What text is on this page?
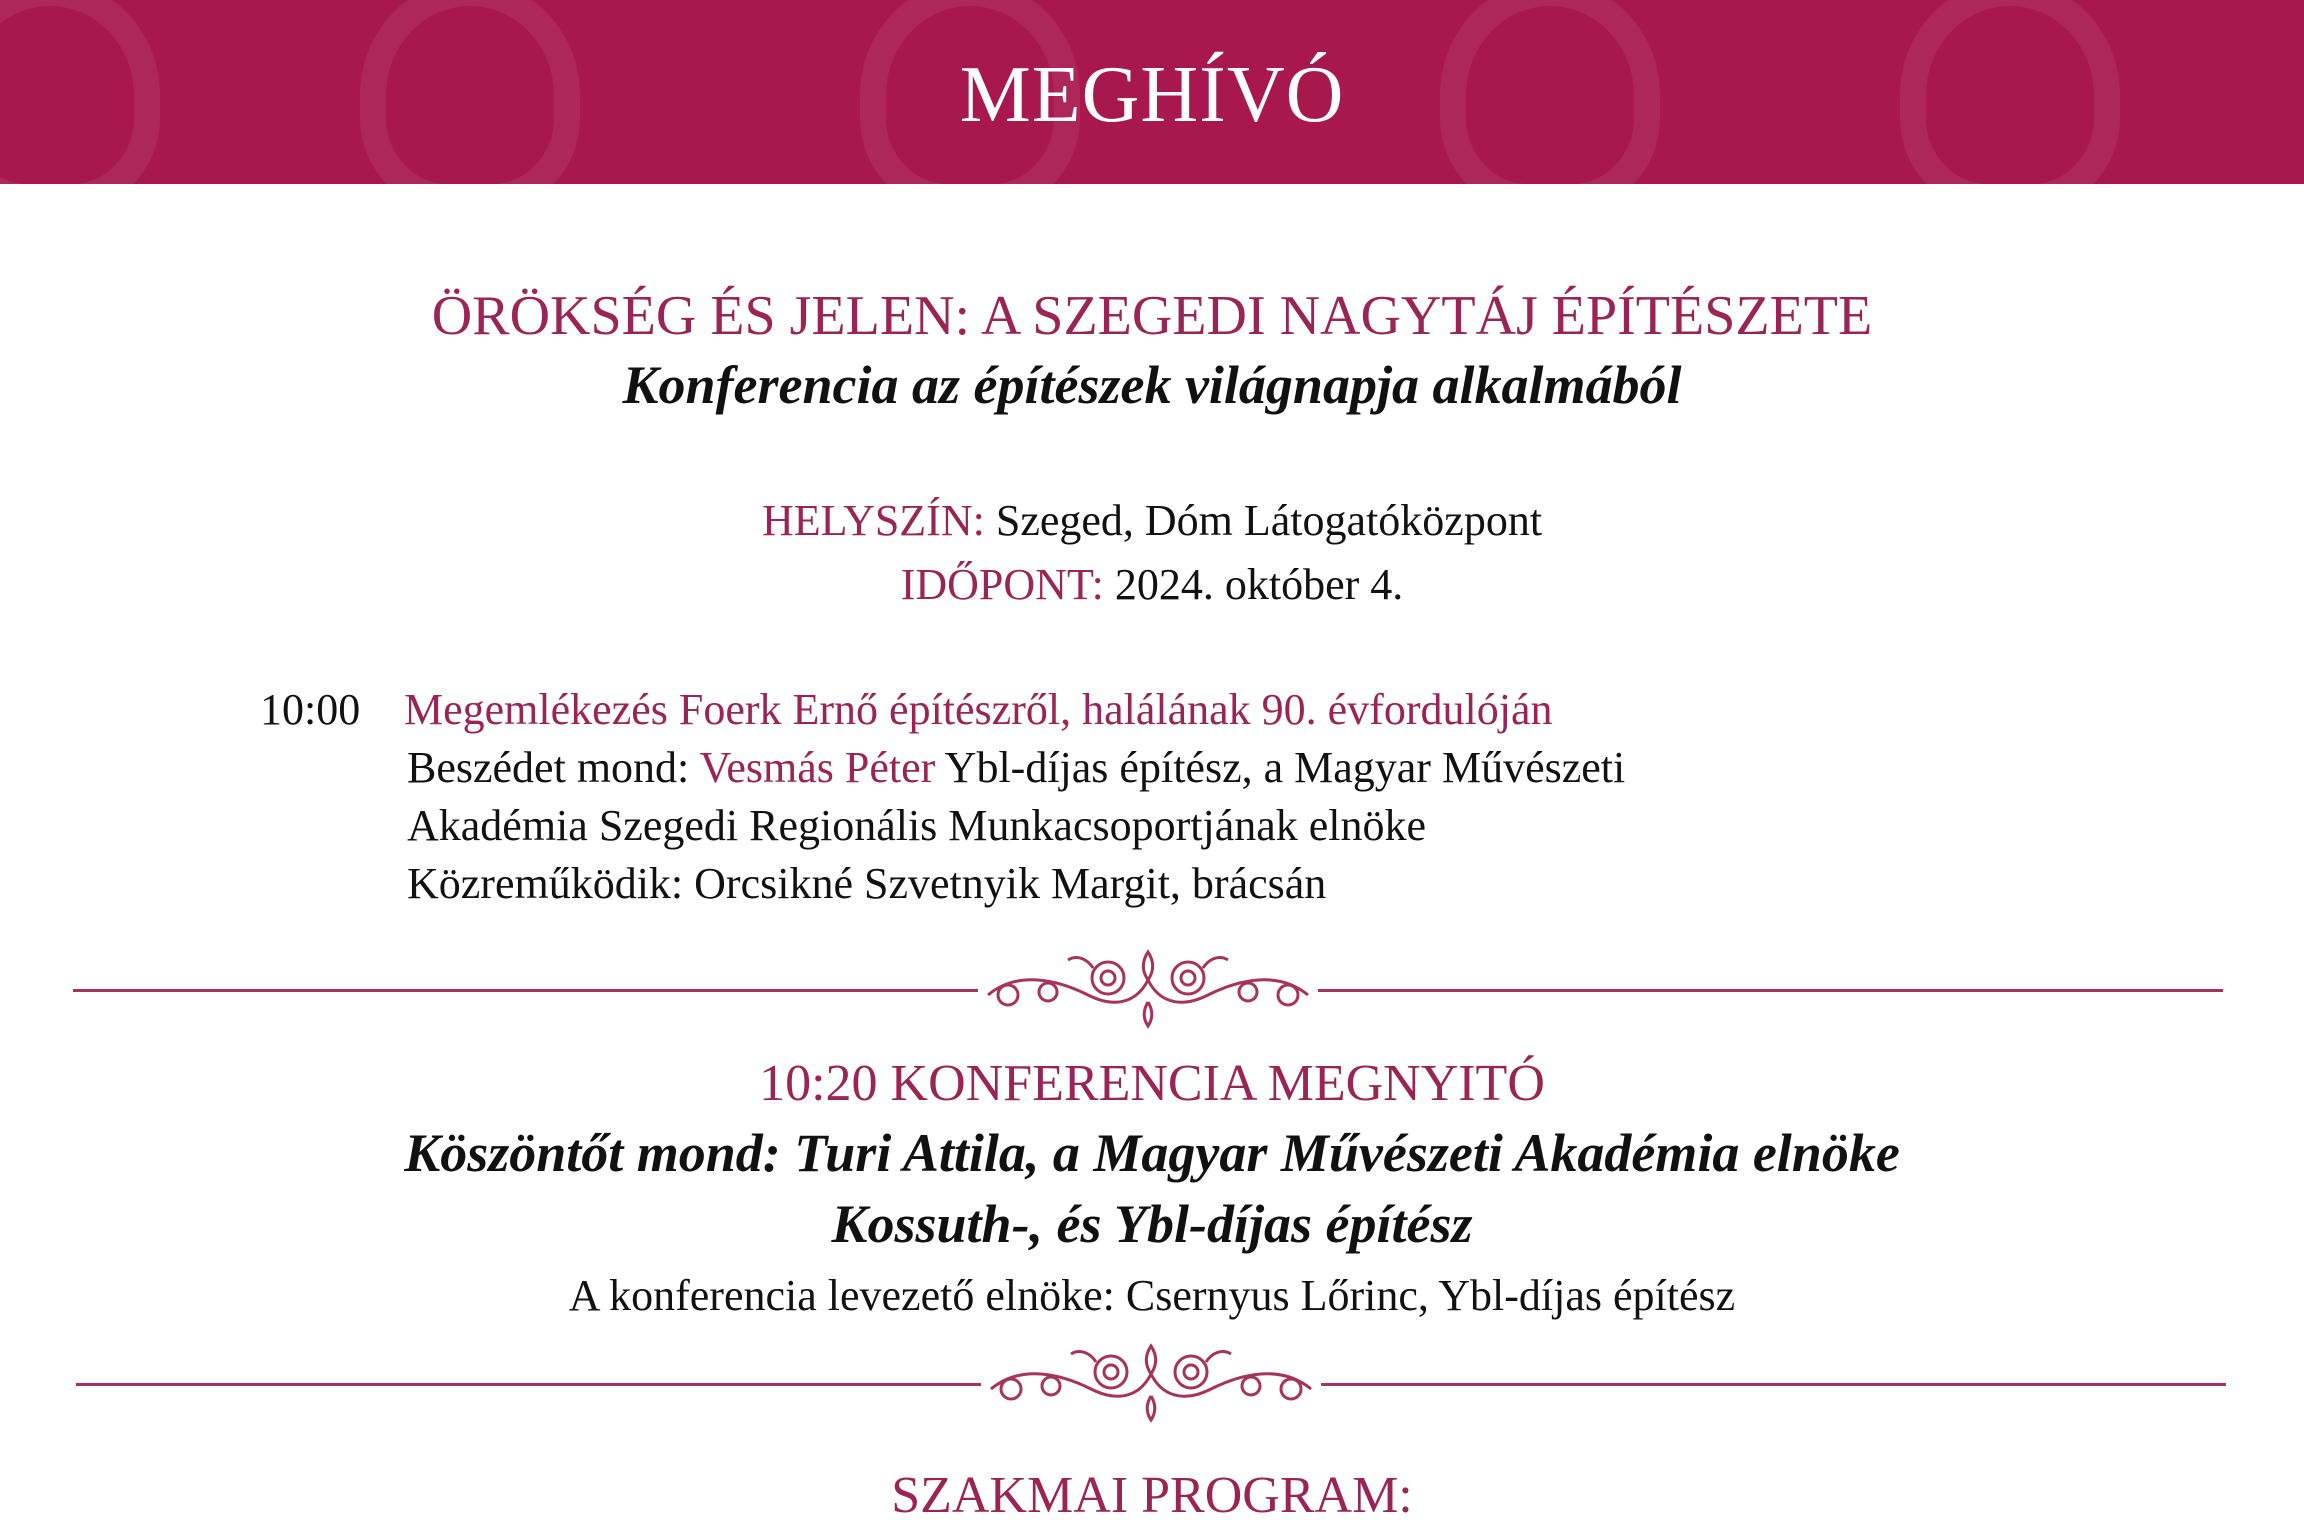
MEGHÍVÓ
ÖRÖKSÉG ÉS JELEN: A SZEGEDI NAGYTÁJ ÉPÍTÉSZETE
Konferencia az építészek világnapja alkalmából
HELYSZÍN: Szeged, Dóm Látogatóközpont
IDŐPONT: 2024. október 4.
10:00 Megemlékezés Foerk Ernő építészről, halálának 90. évfordulóján
Beszédet mond: Vesmás Péter Ybl-díjas építész, a Magyar Művészeti
Akadémia Szegedi Regionális Munkacsoportjának elnöke
Közreműködik: Orcsikné Szvetnyik Margit, brácsán
10:20 KONFERENCIA MEGNYITÓ
Köszöntőt mond: Turi Attila, a Magyar Művészeti Akadémia elnöke
Kossuth-, és Ybl-díjas építész
A konferencia levezető elnöke: Csernyus Lőrinc, Ybl-díjas építész
SZAKMAI PROGRAM:
